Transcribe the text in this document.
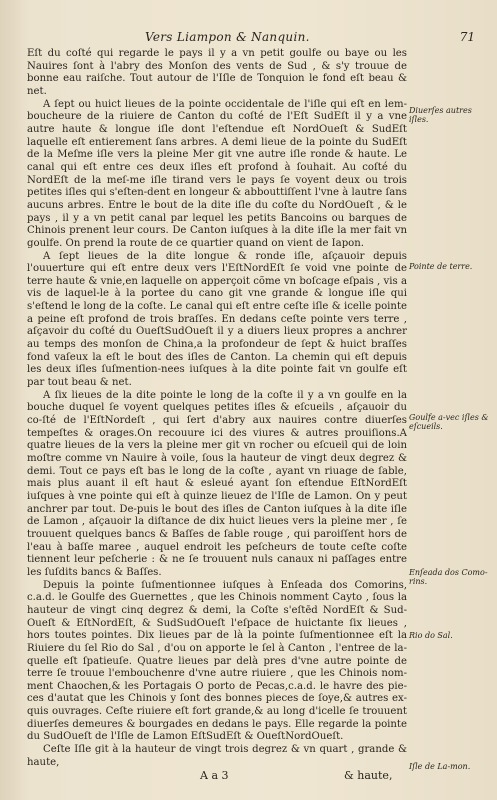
Vers Liampon & Nanquin.	71

Eſt du coſté qui regarde le pays il y a vn petit goulfe ou baye ou les Nauires ſont à l'abry des Monſon des vents de Sud , & s'y trouue de bonne eau raiſche. Tout autour de l'Iſle de Tonquion le fond eſt beau & net.

A ſept ou huict lieues de la pointe occidentale de l'iſle qui eſt en lem-boucheure de la riuiere de Canton du coſté de l'Eſt SudEſt il y a vne autre haute & longue iſle dont l'eſtendue eſt NordOueſt & SudEſt laquelle eſt entierement ſans arbres. A demi lieue de la pointe du SudEſt de la Meſme iſle vers la pleine Mer git vne autre iſle ronde & haute. Le canal qui eſt entre ces deux iſles eſt profond à ſouhait. Au coſté du NordEſt de la meſ-me iſle tirand vers le pays ſe voyent deux ou trois petites iſles qui s'eſten-dent en longeur & abbouttiſſent l'vne à lautre ſans aucuns arbres. Entre le bout de la dite iſle du coſte du NordOueſt , & le pays , il y a vn petit canal par lequel les petits Bancoins ou barques de Chinois prenent leur cours. De Canton iuſques à la dite iſle la mer fait vn goulfe. On prend la route de ce quartier quand on vient de Iapon.

A ſept lieues de la dite longue & ronde iſle, aſçauoir depuis l'ouuerture qui eſt entre deux vers l'EſtNordEſt ſe void vne pointe de terre haute & vnie,en laquelle on apperçoit cõme vn boſcage eſpais , vis a vis de laquel-le à la portee du cano git vne grande & longue iſle qui s'eſtend le long de la coſte. Le canal qui eſt entre ceſte iſle & icelle pointe a peine eſt profond de trois braſſes. En dedans ceſte pointe vers terre , aſçavoir du coſté du OueſtSudOueſt il y a diuers lieux propres a anchrer au temps des monſon de China,a la profondeur de ſept & huict braſſes fond vaſeux la eſt le bout des iſles de Canton. La chemin qui eſt depuis les deux iſles ſuſmention-nees iuſques à la dite pointe fait vn goulfe eſt par tout beau & net.

A ſix lieues de la dite pointe le long de la coſte il y a vn goulfe en la bouche duquel ſe voyent quelques petites iſles & eſcueils , aſçauoir du co-ſté de l'EſtNordeſt , qui ſert d'abry aux nauires contre diuerſes tempeſtes & orages.On recouure ici des viures & autres prouiſions.A quatre lieues de la vers la pleine mer git vn rocher ou eſcueil qui de loin moſtre comme vn Nauire à voile, ſous la hauteur de vingt deux degrez & demi. Tout ce pays eſt bas le long de la coſte , ayant vn riuage de ſable, mais plus auant il eſt haut & esleué ayant ſon eſtendue EſtNordEſt iuſques à vne pointe qui eſt à quinze lieuez de l'Iſle de Lamon. On y peut anchrer par tout. De-puis le bout des iſles de Canton iuſques à la dite iſle de Lamon , aſçauoir la diſtance de dix huict lieues vers la pleine mer , ſe trouuent quelques bancs & Baſſes de ſable rouge , qui paroiſſent hors de l'eau à baſſe maree , auquel endroit les peſcheurs de toute ceſte coſte tiennent leur peſcherie : & ne ſe trouuent nuls canaux ni paſſages entre les ſuſdits bancs & Baſſes.

Depuis la pointe ſuſmentionnee iuſques à Enſeada dos Comorins, c.a.d. le Goulfe des Guernettes , que les Chinois nomment Cayto , ſous la hauteur de vingt cinq degrez & demi, la Coſte s'eſtēd NordEſt & Sud-Oueſt & EſtNordEſt, & SudSudOueſt l'eſpace de huictante ſix lieues , hors toutes pointes. Dix lieues par de là la pointe ſuſmentionnee eſt la Riuiere du ſel Rio do Sal , d'ou on apporte le ſel à Canton , l'entree de la-quelle eſt ſpatieuſe. Quatre lieues par delà pres d'vne autre pointe de terre ſe trouue l'embouchenre d'vne autre riuiere , que les Chinois nom-ment Chaochen,& les Portagais O porto de Pecas,c.a.d. le havre des pie-ces d'autat que les Chinois y ſont des bonnes pieces de ſoye,& autres ex-quis ouvrages. Ceſte riuiere eſt fort grande,& au long d'icelle ſe trouuent diuerſes demeures & bourgades en dedans le pays. Elle regarde la pointe du SudOueſt de l'Iſle de Lamon EſtSudEſt & OueſtNordOueſt.

Ceſte Iſle git à la hauteur de vingt trois degrez & vn quart , grande & haute,

Diuerſes autres iſles.
Pointe de terre.
Goulfe a-vec iſles & eſcueils.
Enſeada dos Como-rins.
Rio do Sal.
Iſle de La-mon.
A a 3	& haute,
